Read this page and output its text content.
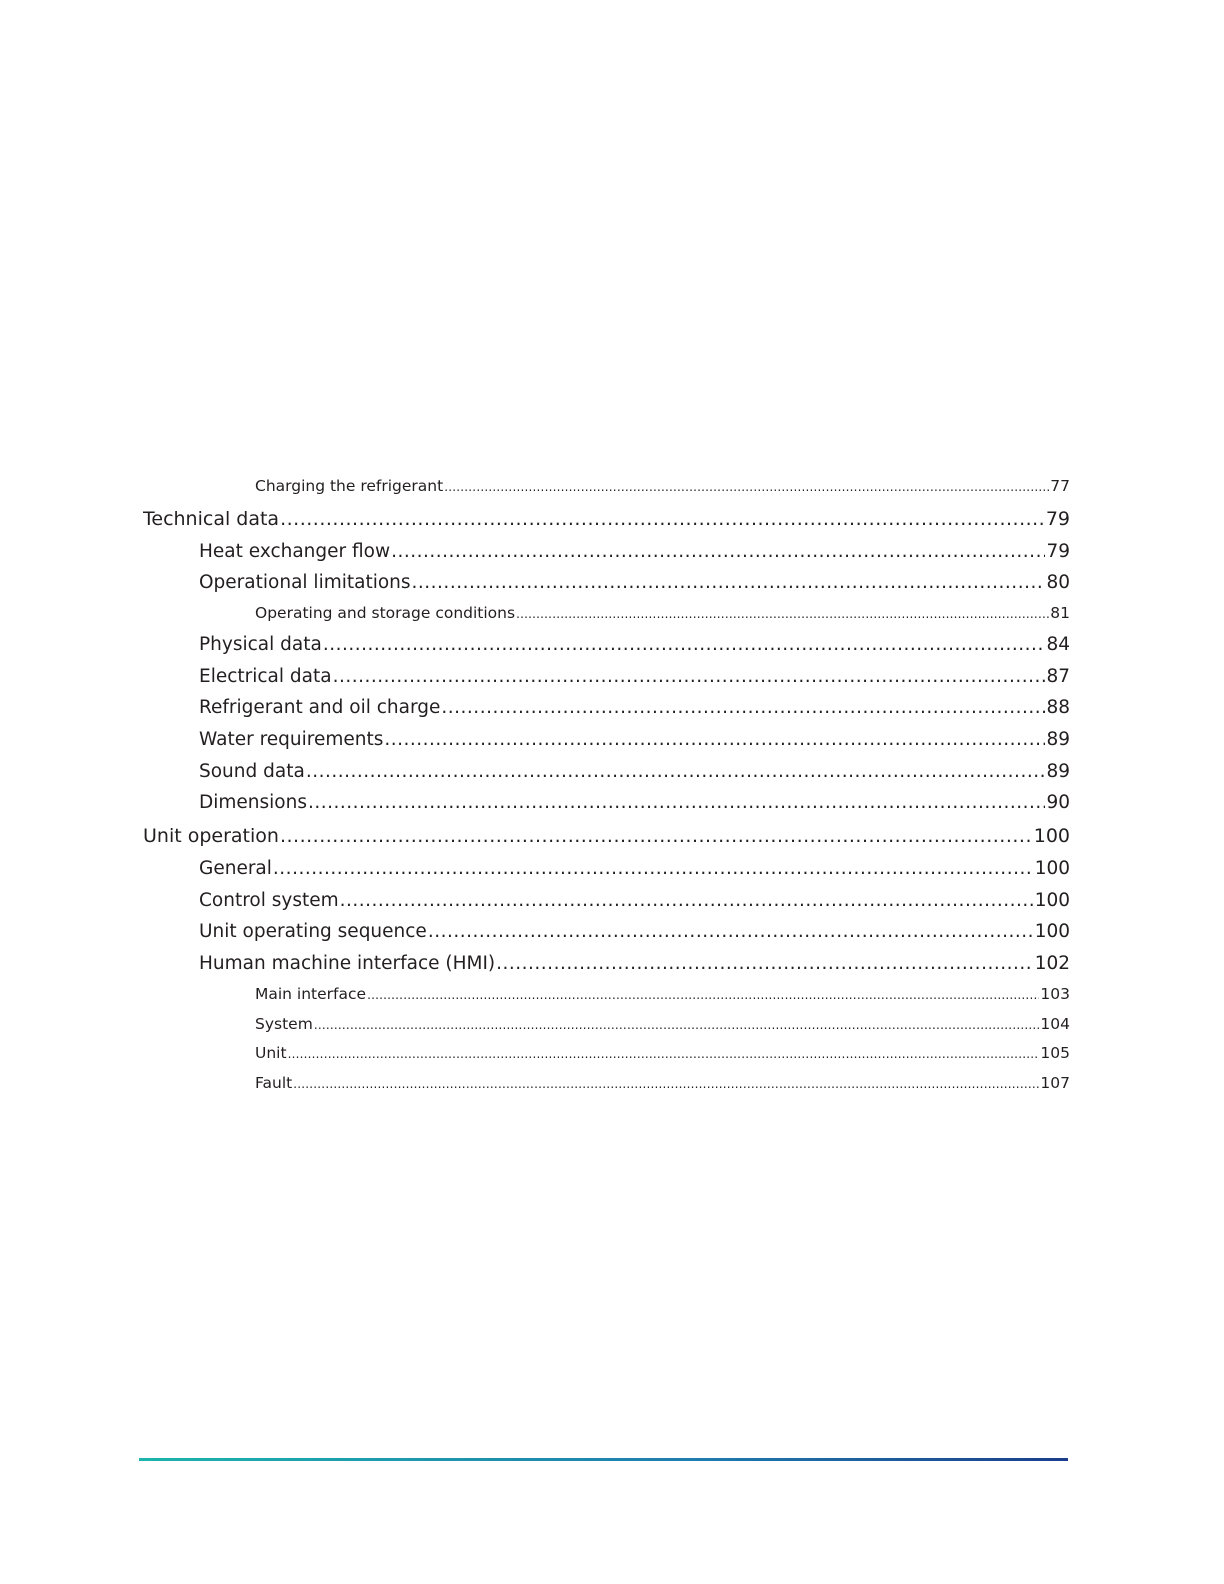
Charging the refrigerant .....	77
Technical data .....	79
Heat exchanger flow .....	79
Operational limitations .....	80
Operating and storage conditions .....	81
Physical data .....	84
Electrical data .....	87
Refrigerant and oil charge .....	88
Water requirements .....	89
Sound data .....	89
Dimensions .....	90
Unit operation .....	100
General .....	100
Control system .....	100
Unit operating sequence .....	100
Human machine interface (HMI) .....	102
Main interface .....	103
System .....	104
Unit .....	105
Fault .....	107
